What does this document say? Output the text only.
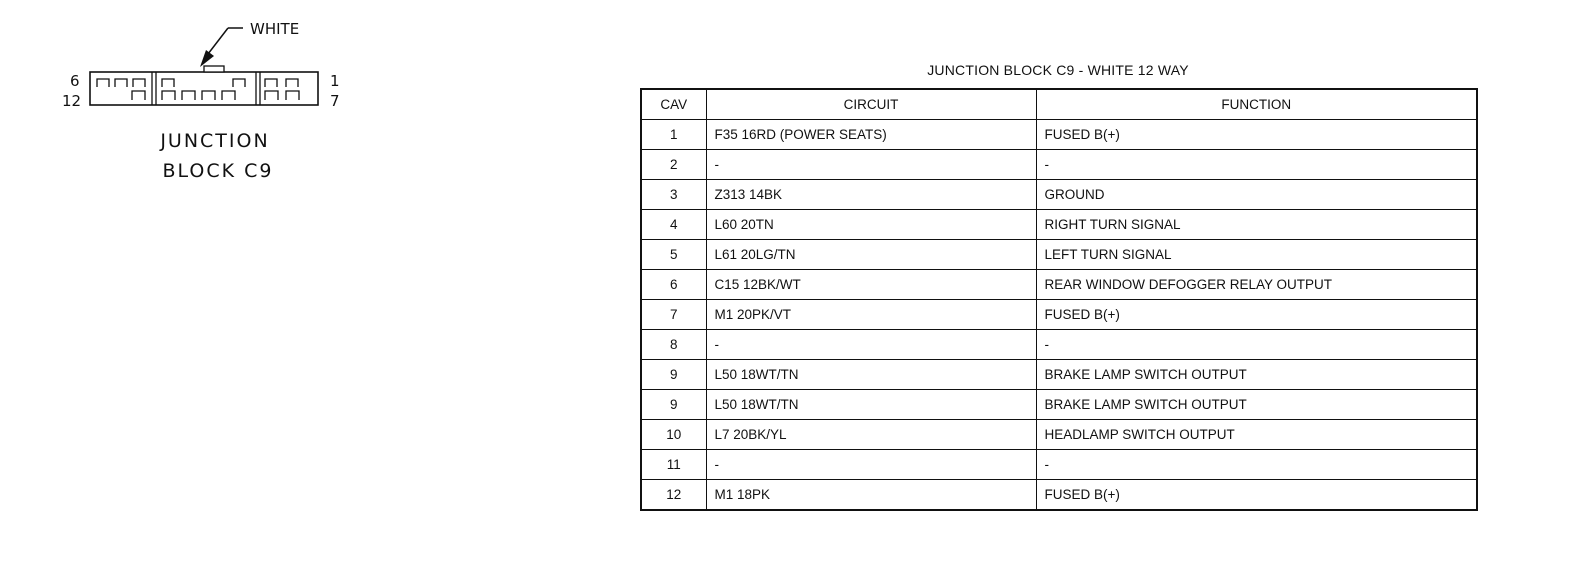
WHITE
6
12
1
7
JUNCTION
BLOCK C9
JUNCTION BLOCK C9 - WHITE 12 WAY
CAV	CIRCUIT	FUNCTION
1	F35 16RD (POWER SEATS)	FUSED B(+)
2	-	-
3	Z313 14BK	GROUND
4	L60 20TN	RIGHT TURN SIGNAL
5	L61 20LG/TN	LEFT TURN SIGNAL
6	C15 12BK/WT	REAR WINDOW DEFOGGER RELAY OUTPUT
7	M1 20PK/VT	FUSED B(+)
8	-	-
9	L50 18WT/TN	BRAKE LAMP SWITCH OUTPUT
9	L50 18WT/TN	BRAKE LAMP SWITCH OUTPUT
10	L7 20BK/YL	HEADLAMP SWITCH OUTPUT
11	-	-
12	M1 18PK	FUSED B(+)
